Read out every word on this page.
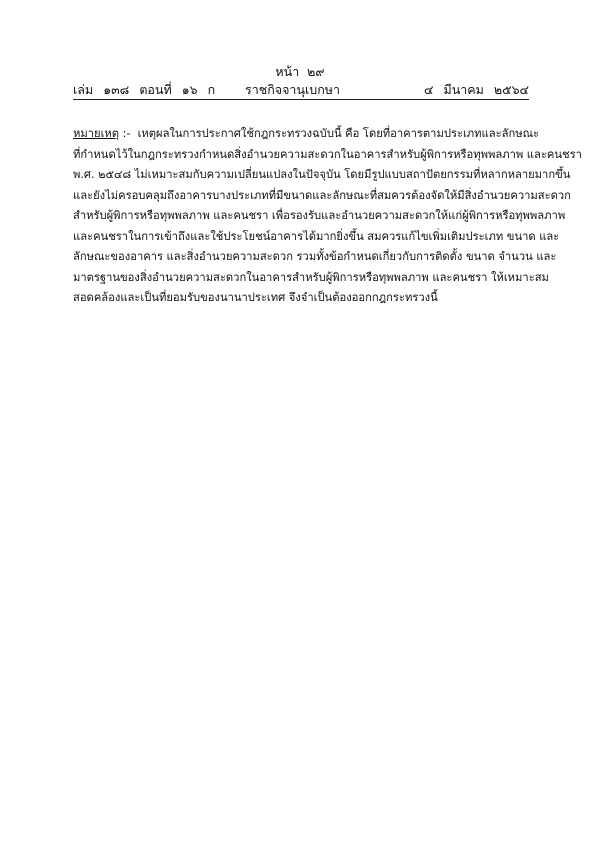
หน้า ๒๙
เล่ม ๑๓๘ ตอนที่ ๑๖ ก	ราชกิจจานุเบกษา	๔ มีนาคม ๒๕๖๔
หมายเหตุ :- เหตุผลในการประกาศใช้กฎกระทรวงฉบับนี้ คือ โดยที่อาคารตามประเภทและลักษณะ
ที่กำหนดไว้ในกฎกระทรวงกำหนดสิ่งอำนวยความสะดวกในอาคารสำหรับผู้พิการหรือทุพพลภาพ และคนชรา
พ.ศ. ๒๕๔๘ ไม่เหมาะสมกับความเปลี่ยนแปลงในปัจจุบัน โดยมีรูปแบบสถาปัตยกรรมที่หลากหลายมากขึ้น
และยังไม่ครอบคลุมถึงอาคารบางประเภทที่มีขนาดและลักษณะที่สมควรต้องจัดให้มีสิ่งอำนวยความสะดวก
สำหรับผู้พิการหรือทุพพลภาพ และคนชรา เพื่อรองรับและอำนวยความสะดวกให้แก่ผู้พิการหรือทุพพลภาพ
และคนชราในการเข้าถึงและใช้ประโยชน์อาคารได้มากยิ่งขึ้น สมควรแก้ไขเพิ่มเติมประเภท ขนาด และ
ลักษณะของอาคาร และสิ่งอำนวยความสะดวก รวมทั้งข้อกำหนดเกี่ยวกับการติดตั้ง ขนาด จำนวน และ
มาตรฐานของสิ่งอำนวยความสะดวกในอาคารสำหรับผู้พิการหรือทุพพลภาพ และคนชรา ให้เหมาะสม
สอดคล้องและเป็นที่ยอมรับของนานาประเทศ จึงจำเป็นต้องออกกฎกระทรวงนี้
